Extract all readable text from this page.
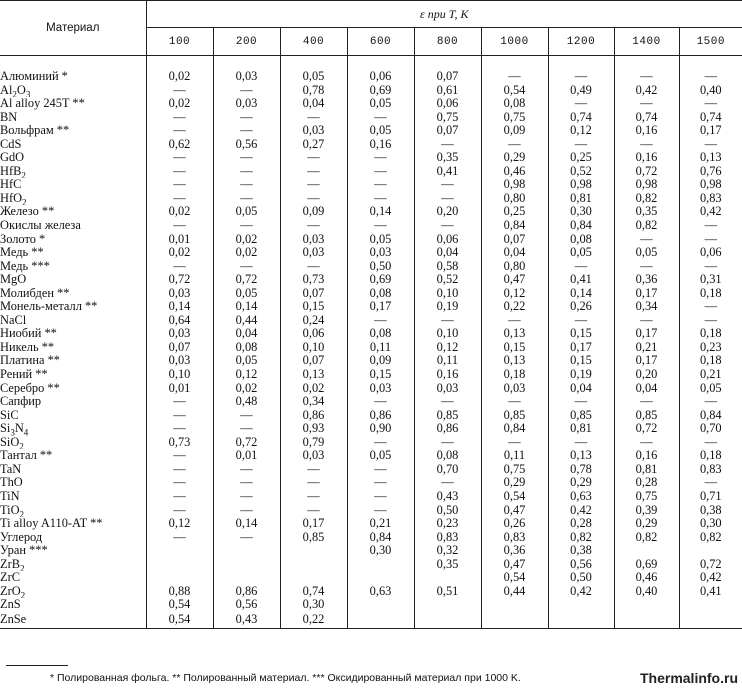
Материал	ε при T, K								
	100	200	400	600	800	1000	1200	1400	1500

Алюминий *	0,02	0,03	0,05	0,06	0,07	—	—	—	—
$Al_2O_3$	—	—	0,78	0,69	0,61	0,54	0,49	0,42	0,40
Al alloy 245T **	0,02	0,03	0,04	0,05	0,06	0,08	—	—	—
BN	—	—	—	—	0,75	0,75	0,74	0,74	0,74
Вольфрам **	—	—	0,03	0,05	0,07	0,09	0,12	0,16	0,17
CdS	0,62	0,56	0,27	0,16	—	—	—	—	—
GdO	—	—	—	—	0,35	0,29	0,25	0,16	0,13
HfB$_2$	—	—	—	—	0,41	0,46	0,52	0,72	0,76
HfC	—	—	—	—	—	0,98	0,98	0,98	0,98
HfO$_2$	—	—	—	—	—	0,80	0,81	0,82	0,83
Железо **	0,02	0,05	0,09	0,14	0,20	0,25	0,30	0,35	0,42
Окислы железа	—	—	—	—	—	0,84	0,84	0,82	—
Золото *	0,01	0,02	0,03	0,05	0,06	0,07	0,08	—	—
Медь **	0,02	0,02	0,03	0,03	0,04	0,04	0,05	0,05	0,06
Медь ***	—	—	—	0,50	0,58	0,80	—	—	—
MgO	0,72	0,72	0,73	0,69	0,52	0,47	0,41	0,36	0,31
Молибден **	0,03	0,05	0,07	0,08	0,10	0,12	0,14	0,17	0,18
Монель-металл **	0,14	0,14	0,15	0,17	0,19	0,22	0,26	0,34	—
NaCl	0,64	0,44	0,24	—	—	—	—	—	—
Ниобий **	0,03	0,04	0,06	0,08	0,10	0,13	0,15	0,17	0,18
Никель **	0,07	0,08	0,10	0,11	0,12	0,15	0,17	0,21	0,23
Платина **	0,03	0,05	0,07	0,09	0,11	0,13	0,15	0,17	0,18
Рений **	0,10	0,12	0,13	0,15	0,16	0,18	0,19	0,20	0,21
Серебро **	0,01	0,02	0,02	0,03	0,03	0,03	0,04	0,04	0,05
Сапфир	—	0,48	0,34	—	—	—	—	—	—
SiC	—	—	0,86	0,86	0,85	0,85	0,85	0,85	0,84
$Si_3N_4$	—	—	0,93	0,90	0,86	0,84	0,81	0,72	0,70
SiO$_2$	0,73	0,72	0,79	—	—	—	—	—	—
Тантал **	—	0,01	0,03	0,05	0,08	0,11	0,13	0,16	0,18
TaN	—	—	—	—	0,70	0,75	0,78	0,81	0,83
ThO	—	—	—	—	—	0,29	0,29	0,28	—
TiN	—	—	—	—	0,43	0,54	0,63	0,75	0,71
TiO$_2$	—	—	—	—	0,50	0,47	0,42	0,39	0,38
Ti alloy A110-AT **	0,12	0,14	0,17	0,21	0,23	0,26	0,28	0,29	0,30
Углерод	—	—	0,85	0,84	0,83	0,83	0,82	0,82	0,82
Уран ***				0,30	0,32	0,36	0,38		
ZrB$_2$					0,35	0,47	0,56	0,69	0,72
ZrC						0,54	0,50	0,46	0,42
ZrO$_2$	0,88	0,86	0,74	0,63	0,51	0,44	0,42	0,40	0,41
ZnS	0,54	0,56	0,30						
ZnSe	0,54	0,43	0,22						
* Полированная фольга. ** Полированный материал. *** Оксидированный материал при 1000 K.	Thermalinfo.ru
